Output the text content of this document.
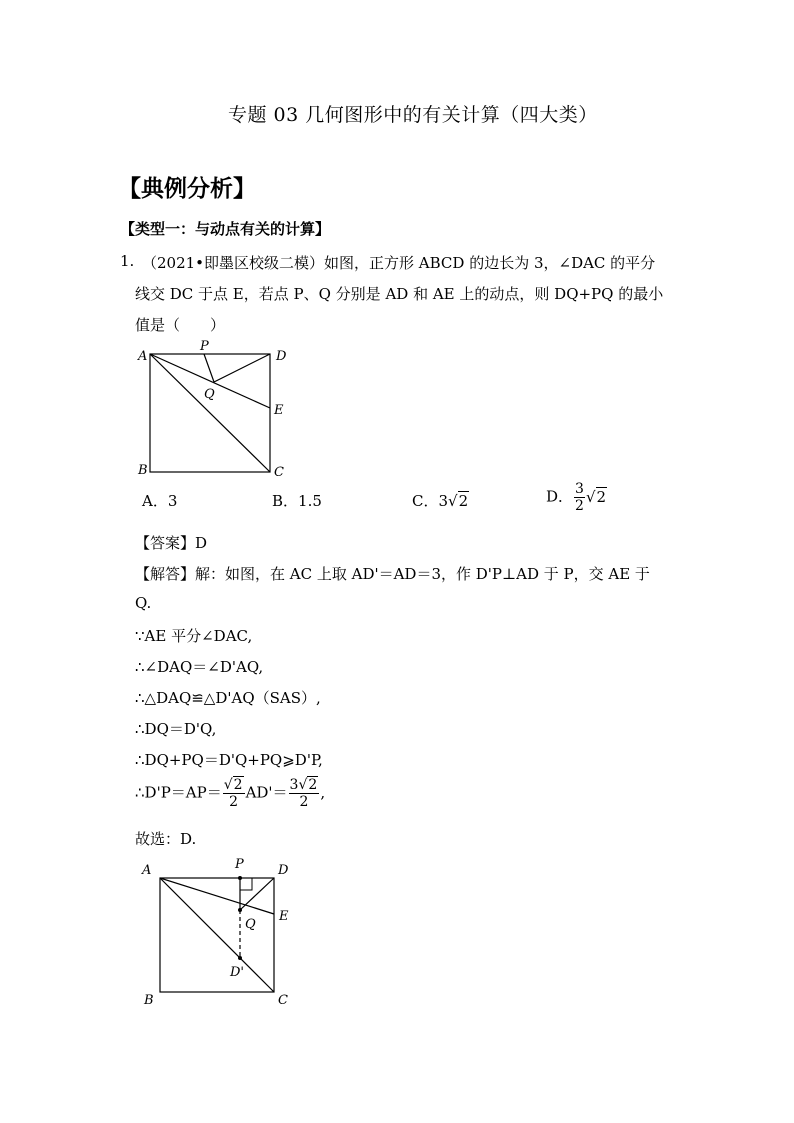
专题 03 几何图形中的有关计算（四大类）
【典例分析】
【类型一：与动点有关的计算】
1. （2021•即墨区校级二模）如图，正方形 ABCD 的边长为 3，∠DAC 的平分
线交 DC 于点 E，若点 P、Q 分别是 AD 和 AE 上的动点，则 DQ+PQ 的最小
值是（　　）
A
P
D
Q
E
B	C
A．3	B．1.5	C．3√2	D． $\frac{3}{2} √2$
【答案】D
【解答】解：如图，在 AC 上取 AD'＝AD＝3，作 D'P⊥AD 于 P，交 AE 于
Q.
∵AE 平分∠DAC,
∴∠DAQ＝∠D'AQ,
∴△DAQ≌△D'AQ（SAS）,
∴DQ＝D'Q,
∴DQ+PQ＝D'Q+PQ⩾D'P,
∴D'P＝AP＝ $\frac{√2}{2} AD'= \frac{3√2}{2}$ ,
故选：D.
A	P	D
Q
E
D'
B	C
